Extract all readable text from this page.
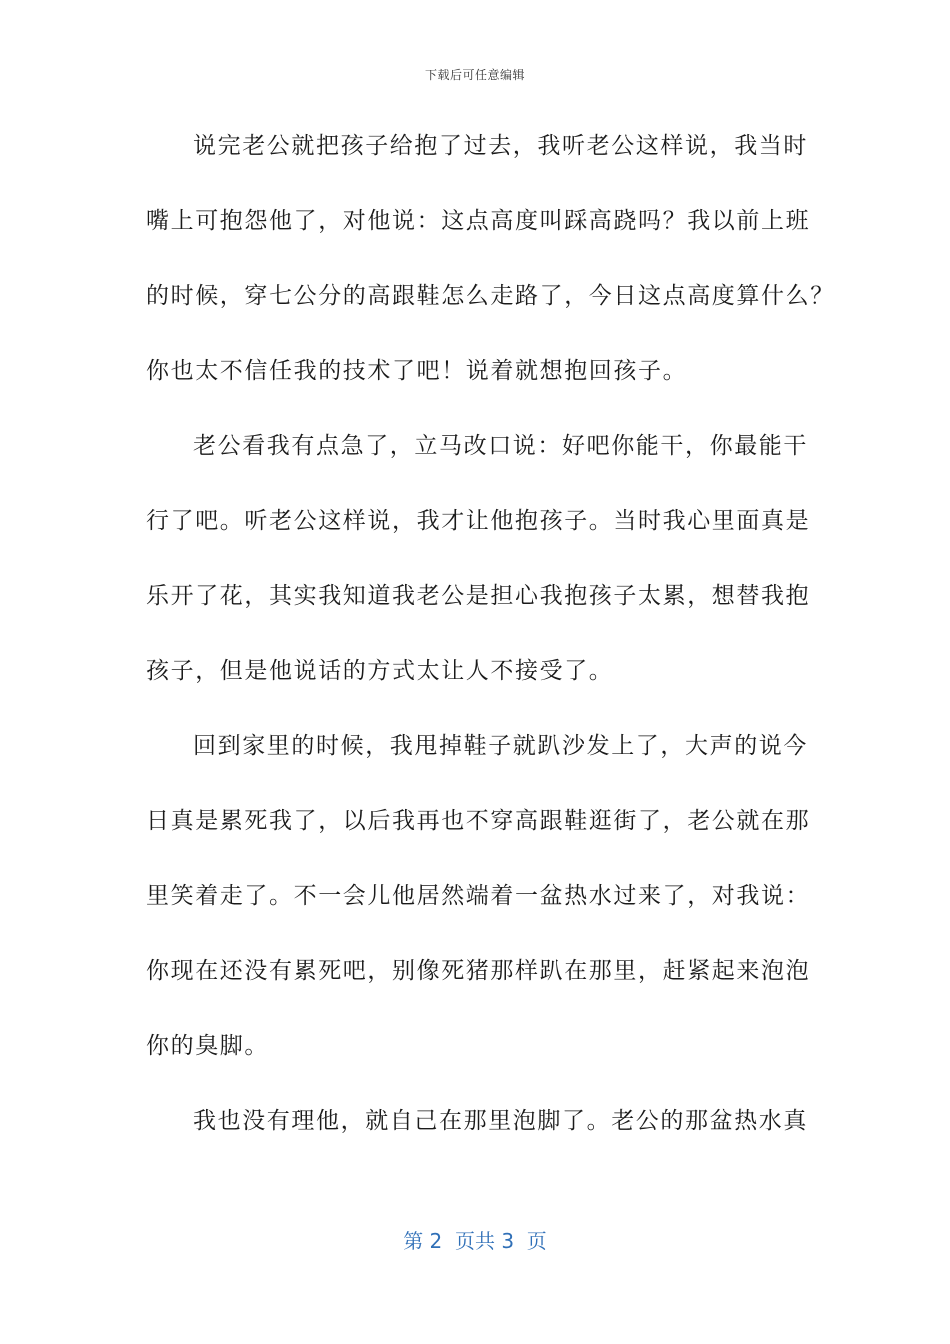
下载后可任意编辑
说完老公就把孩子给抱了过去，我听老公这样说，我当时
嘴上可抱怨他了，对他说：这点高度叫踩高跷吗？我以前上班
的时候，穿七公分的高跟鞋怎么走路了，今日这点高度算什么？
你也太不信任我的技术了吧！说着就想抱回孩子。
老公看我有点急了，立马改口说：好吧你能干，你最能干
行了吧。听老公这样说，我才让他抱孩子。当时我心里面真是
乐开了花，其实我知道我老公是担心我抱孩子太累，想替我抱
孩子，但是他说话的方式太让人不接受了。
回到家里的时候，我甩掉鞋子就趴沙发上了，大声的说今
日真是累死我了，以后我再也不穿高跟鞋逛街了，老公就在那
里笑着走了。不一会儿他居然端着一盆热水过来了，对我说：
你现在还没有累死吧，别像死猪那样趴在那里，赶紧起来泡泡
你的臭脚。
我也没有理他，就自己在那里泡脚了。老公的那盆热水真
第 2  页共 3  页
